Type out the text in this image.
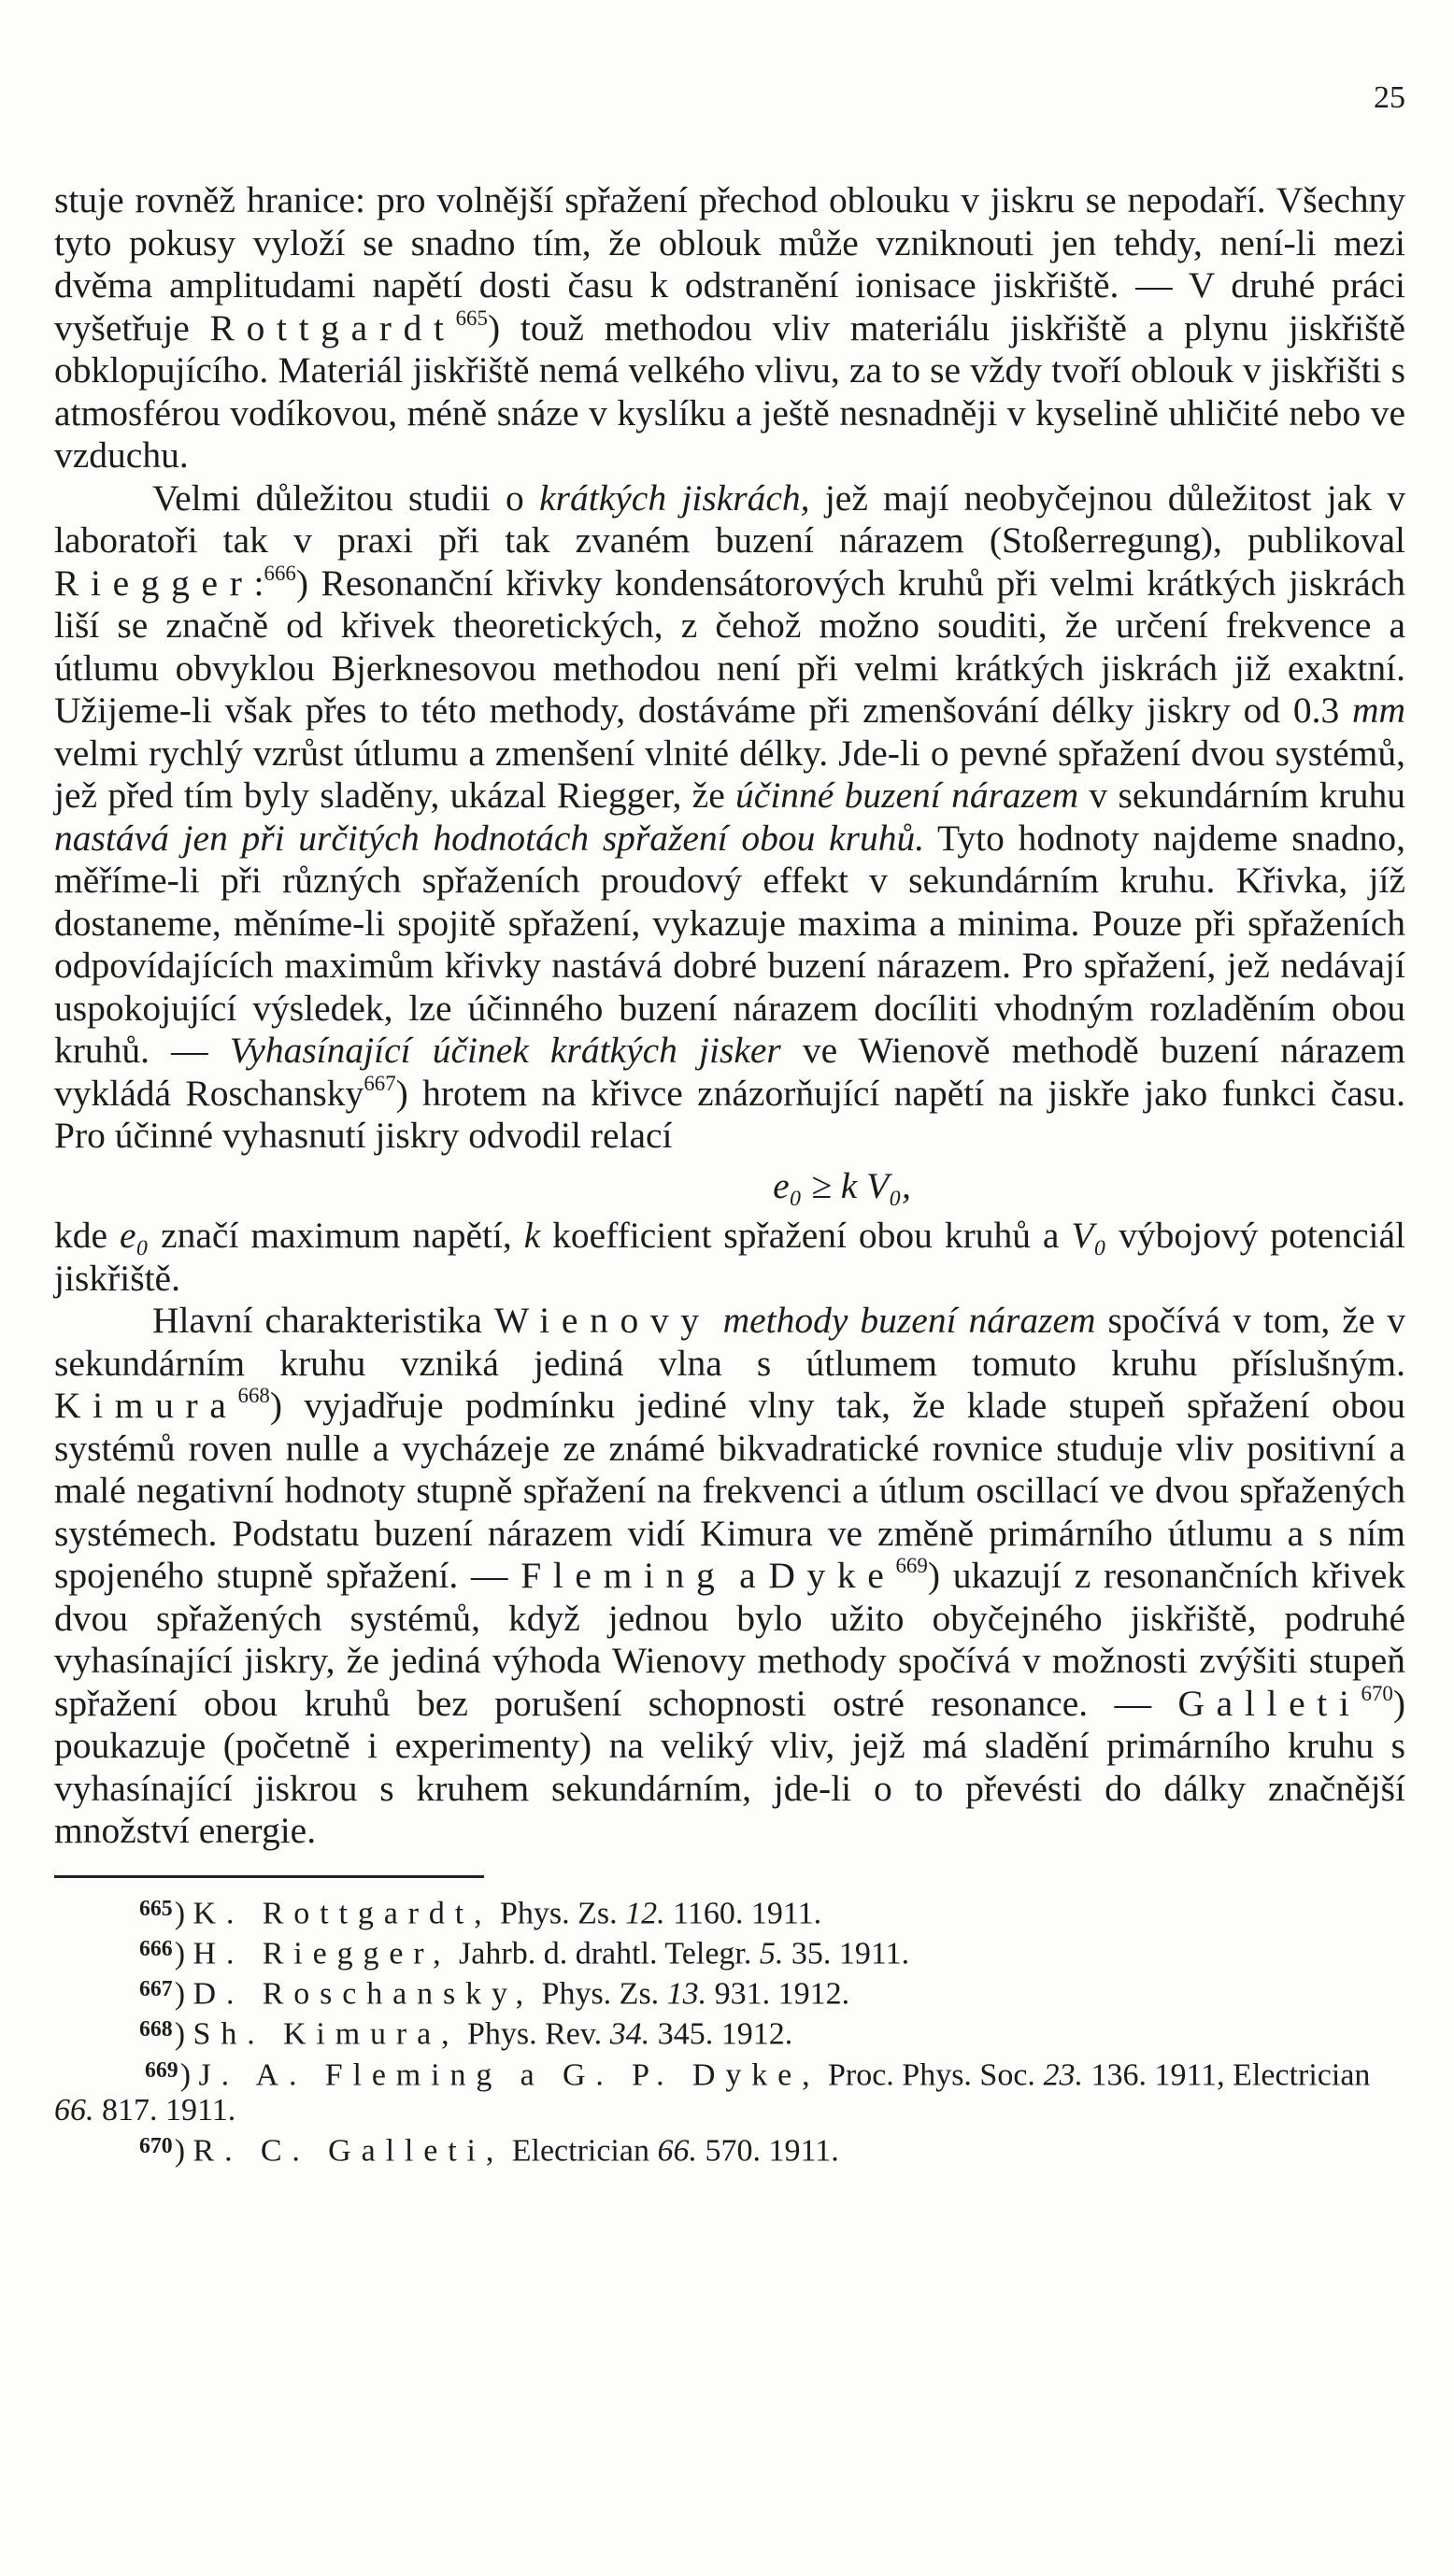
25

stuje rovněž hranice: pro volnější spřažení přechod oblouku v jiskru se nepodaří. Všechny tyto pokusy vyloží se snadno tím, že oblouk může vzniknouti jen tehdy, není-li mezi dvěma amplitudami napětí dosti času k odstranění ionisace jiskřiště. — V druhé práci vyšetřuje Rottgardt$^{665}$) touž methodou vliv materiálu jiskřiště a plynu jiskřiště obklopujícího. Materiál jiskřiště nemá velkého vlivu, za to se vždy tvoří oblouk v jiskřišti s atmosférou vodíkovou, méně snáze v kyslíku a ještě nesnadněji v kyselině uhličité nebo ve vzduchu.

Velmi důležitou studii o krátkých jiskrách, jež mají neobyčejnou důležitost jak v laboratoři tak v praxi při tak zvaném buzení nárazem (Stoßerregung), publikoval Riegger:$^{666}$) Resonanční křivky kondensátorových kruhů při velmi krátkých jiskrách liší se značně od křivek theoretických, z čehož možno souditi, že určení frekvence a útlumu obvyklou Bjerknesovou methodou není při velmi krátkých jiskrách již exaktní. Užijeme-li však přes to této methody, dostáváme při zmenšování délky jiskry od 0.3 mm velmi rychlý vzrůst útlumu a zmenšení vlnité délky. Jde-li o pevné spřažení dvou systémů, jež před tím byly sladěny, ukázal Riegger, že účinné buzení nárazem v sekundárním kruhu nastává jen při určitých hodnotách spřažení obou kruhů. Tyto hodnoty najdeme snadno, měříme-li při různých spřaženích proudový effekt v sekundárním kruhu. Křivka, jíž dostaneme, měníme-li spojitě spřažení, vykazuje maxima a minima. Pouze při spřaženích odpovídajících maximům křivky nastává dobré buzení nárazem. Pro spřažení, jež nedávají uspokojující výsledek, lze účinného buzení nárazem docíliti vhodným rozladěním obou kruhů. — Vyhasínající účinek krátkých jisker ve Wienově methodě buzení nárazem vykládá Roschansky$^{667}$) hrotem na křivce znázorňující napětí na jiskře jako funkci času. Pro účinné vyhasnutí jiskry odvodil relací

e₀ ≥ k V₀,

kde e₀ značí maximum napětí, k koefficient spřažení obou kruhů a V₀ výbojový potenciál jiskřiště.

Hlavní charakteristika Wienovy methody buzení nárazem spočívá v tom, že v sekundárním kruhu vzniká jediná vlna s útlumem tomuto kruhu příslušným. Kimura$^{668}$) vyjadřuje podmínku jediné vlny tak, že klade stupeň spřažení obou systémů roven nulle a vycházeje ze známé bikvadratické rovnice studuje vliv positivní a malé negativní hodnoty stupně spřažení na frekvenci a útlum oscillací ve dvou spřažených systémech. Podstatu buzení nárazem vidí Kimura ve změně primárního útlumu a s ním spojeného stupně spřažení. — Fleming a Dyke$^{669}$) ukazují z resonančních křivek dvou spřažených systémů, když jednou bylo užito obyčejného jiskřiště, podruhé vyhasínající jiskry, že jediná výhoda Wienovy methody spočívá v možnosti zvýšiti stupeň spřažení obou kruhů bez porušení schopnosti ostré resonance. — Galleti$^{670}$) poukazuje (početně i experimenty) na veliký vliv, jejž má sladění primárního kruhu s vyhasínající jiskrou s kruhem sekundárním, jde-li o to převésti do dálky značnější množství energie.

$^{665}$) K. Rottgardt, Phys. Zs. 12. 1160. 1911.

$^{666}$) H. Riegger, Jahrb. d. drahtl. Telegr. 5. 35. 1911.

$^{667}$) D. Roschansky, Phys. Zs. 13. 931. 1912.

$^{668}$) Sh. Kimura, Phys. Rev. 34. 345. 1912.

$^{669}$) J. A. Fleming a G. P. Dyke, Proc. Phys. Soc. 23. 136. 1911, Electrician 66. 817. 1911.

$^{670}$) R. C. Galleti, Electrician 66. 570. 1911.
